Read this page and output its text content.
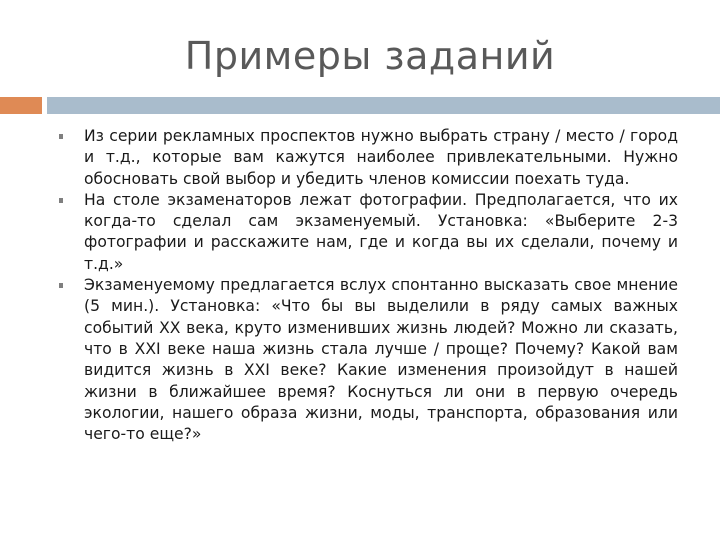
Примеры заданий
Из серии рекламных проспектов нужно выбрать страну / место / город и т.д., которые вам кажутся наиболее привлекательными. Нужно обосновать свой выбор и убедить членов комиссии поехать туда.
На столе экзаменаторов лежат фотографии. Предполагается, что их когда-то сделал сам экзаменуемый. Установка: «Выберите 2-3 фотографии и расскажите нам, где и когда вы их сделали, почему и т.д.»
Экзаменуемому предлагается вслух спонтанно высказать свое мнение (5 мин.). Установка: «Что бы вы выделили в ряду самых важных событий XX века, круто изменивших жизнь людей? Можно ли сказать, что в XXI веке наша жизнь стала лучше / проще? Почему? Какой вам видится жизнь в XXI веке? Какие изменения произойдут в нашей жизни в ближайшее время? Коснуться ли они в первую очередь экологии, нашего образа жизни, моды, транспорта, образования или чего-то еще?»
